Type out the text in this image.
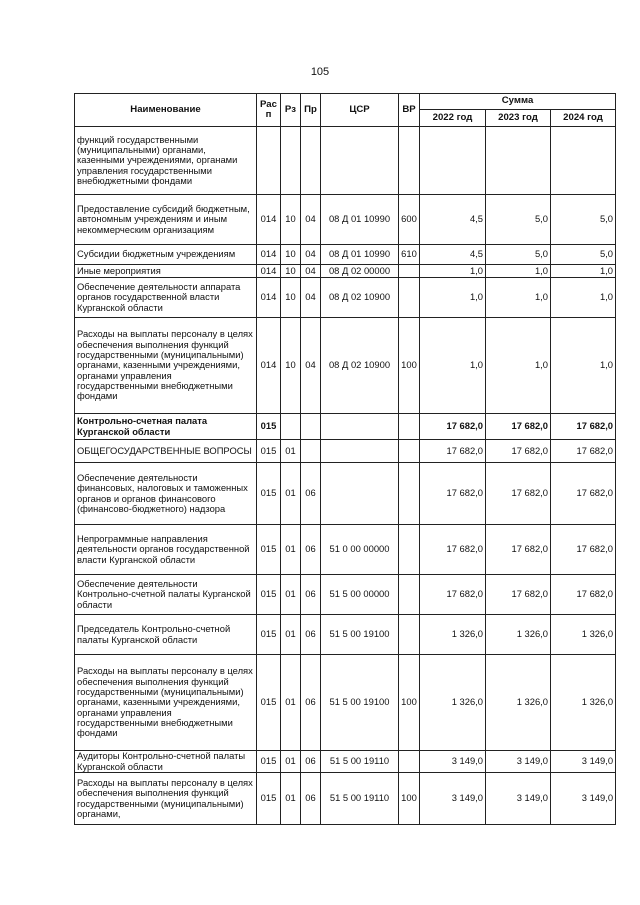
105
Наименование	Рас п	Рз	Пр	ЦСР	ВР	Сумма		
						2022 год	2023 год	2024 год
функций государственными (муниципальными) органами, казенными учреждениями, органами управления государственными внебюджетными фондами								
Предоставление субсидий бюджетным, автономным учреждениям и иным некоммерческим организациям	014	10	04	08 Д 01 10990	600	4,5	5,0	5,0
Субсидии бюджетным учреждениям	014	10	04	08 Д 01 10990	610	4,5	5,0	5,0
Иные мероприятия	014	10	04	08 Д 02 00000		1,0	1,0	1,0
Обеспечение деятельности аппарата органов государственной власти Курганской области	014	10	04	08 Д 02 10900		1,0	1,0	1,0
Расходы на выплаты персоналу в целях обеспечения выполнения функций государственными (муниципальными) органами, казенными учреждениями, органами управления государственными внебюджетными фондами	014	10	04	08 Д 02 10900	100	1,0	1,0	1,0
Контрольно-счетная палата Курганской области	015					17 682,0	17 682,0	17 682,0
ОБЩЕГОСУДАРСТВЕННЫЕ ВОПРОСЫ	015	01				17 682,0	17 682,0	17 682,0
Обеспечение деятельности финансовых, налоговых и таможенных органов и органов финансового (финансово-бюджетного) надзора	015	01	06			17 682,0	17 682,0	17 682,0
Непрограммные направления деятельности органов государственной власти Курганской области	015	01	06	51 0 00 00000		17 682,0	17 682,0	17 682,0
Обеспечение деятельности Контрольно-счетной палаты Курганской области	015	01	06	51 5 00 00000		17 682,0	17 682,0	17 682,0
Председатель Контрольно-счетной палаты Курганской области	015	01	06	51 5 00 19100		1 326,0	1 326,0	1 326,0
Расходы на выплаты персоналу в целях обеспечения выполнения функций государственными (муниципальными) органами, казенными учреждениями, органами управления государственными внебюджетными фондами	015	01	06	51 5 00 19100	100	1 326,0	1 326,0	1 326,0
Аудиторы Контрольно-счетной палаты Курганской области	015	01	06	51 5 00 19110		3 149,0	3 149,0	3 149,0
Расходы на выплаты персоналу в целях обеспечения выполнения функций государственными (муниципальными) органами,	015	01	06	51 5 00 19110	100	3 149,0	3 149,0	3 149,0
